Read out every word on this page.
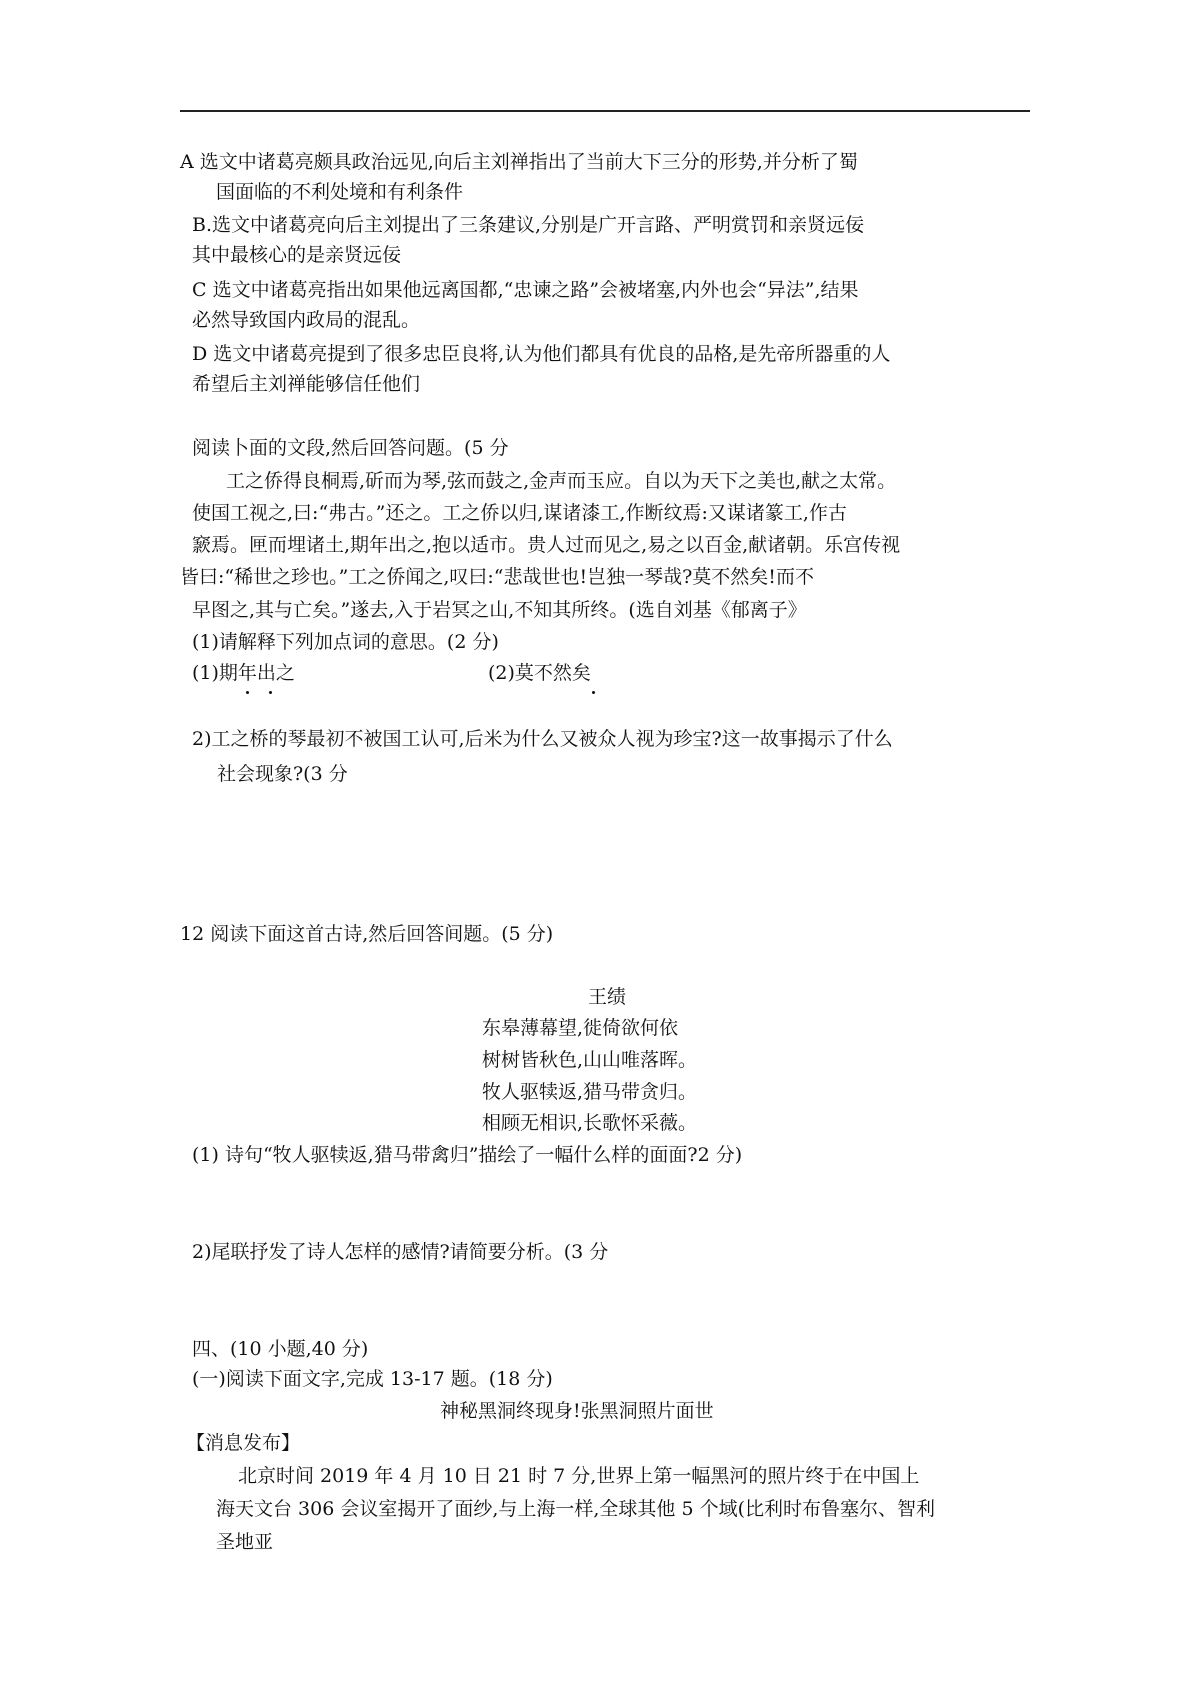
A 选文中诸葛亮颇具政治远见,向后主刘禅指出了当前大下三分的形势,并分析了蜀
国面临的不利处境和有利条件
B.选文中诸葛亮向后主刘提出了三条建议,分别是广开言路、严明赏罚和亲贤远佞
其中最核心的是亲贤远佞
C 选文中诸葛亮指出如果他远离国都,“忠谏之路”会被堵塞,内外也会“异法”,结果
必然导致国内政局的混乱。
D 选文中诸葛亮提到了很多忠臣良将,认为他们都具有优良的品格,是先帝所器重的人
希望后主刘禅能够信任他们
阅读卜面的文段,然后回答问题。(5 分
工之侨得良桐焉,斫而为琴,弦而鼓之,金声而玉应。自以为天下之美也,献之太常。
使国工视之,曰:“弗古。”还之。工之侨以归,谋诸漆工,作断纹焉:又谋诸篆工,作古
窾焉。匣而埋诸土,期年出之,抱以适市。贵人过而见之,易之以百金,献诸朝。乐宫传视
皆曰:“稀世之珍也。”工之侨闻之,叹曰:“悲哉世也!岂独一琴哉?莫不然矣!而不
早图之,其与亡矣。”遂去,入于岩冥之山,不知其所终。(选自刘基《郁离子》
(1)请解释下列加点词的意思。(2 分)
(1)期年出之	(2)莫不然矣
2)工之桥的琴最初不被国工认可,后米为什么又被众人视为珍宝?这一故事揭示了什么
社会现象?(3 分
12 阅读下面这首古诗,然后回答间题。(5 分)
王绩
东皋薄幕望,徙倚欲何依
树树皆秋色,山山唯落晖。
牧人驱犊返,猎马带贪归。
相顾无相识,长歌怀采薇。
(1) 诗句“牧人驱犊返,猎马带禽归”描绘了一幅什么样的面面?2 分)
2)尾联抒发了诗人怎样的感情?请简要分析。(3 分
四、(10 小题,40 分)
(一)阅读下面文字,完成 13-17 题。(18 分)
神秘黑洞终现身!张黑洞照片面世
【消息发布】
北京时间 2019 年 4 月 10 日 21 时 7 分,世界上第一幅黑河的照片终于在中国上
海天文台 306 会议室揭开了面纱,与上海一样,全球其他 5 个域(比利时布鲁塞尔、智利
圣地亚
